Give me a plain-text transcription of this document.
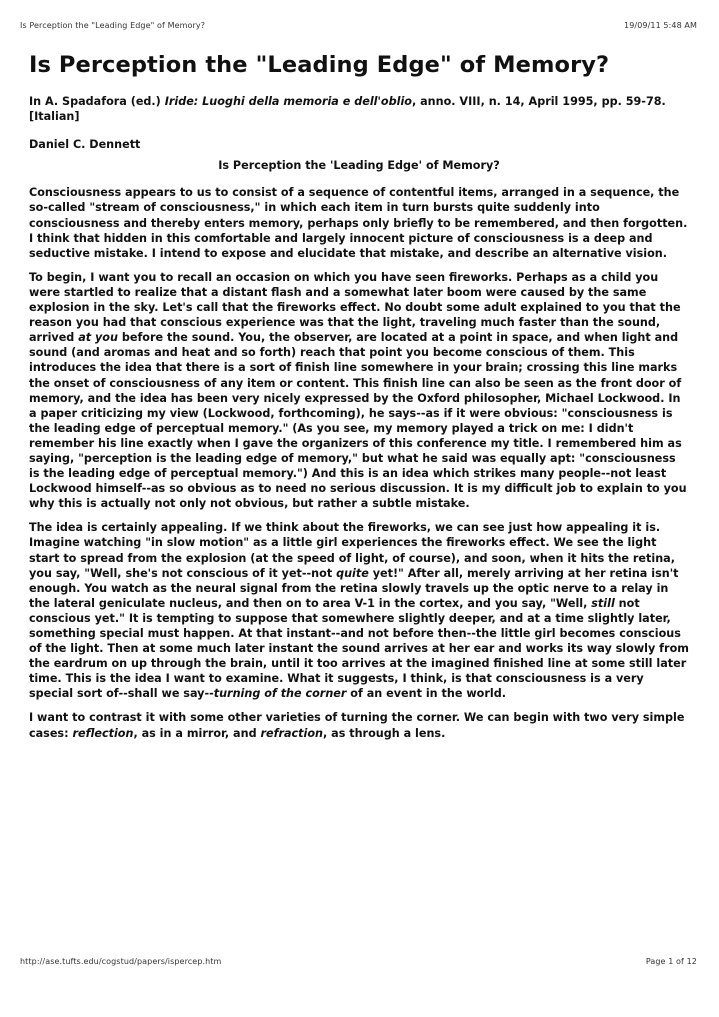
Is Perception the "Leading Edge" of Memory?	19/09/11 5:48 AM
Is Perception the "Leading Edge" of Memory?

In A. Spadafora (ed.) Iride: Luoghi della memoria e dell'oblio, anno. VIII, n. 14, April 1995, pp. 59-78. [Italian]

Daniel C. Dennett

Is Perception the 'Leading Edge' of Memory?

Consciousness appears to us to consist of a sequence of contentful items, arranged in a sequence, the so-called "stream of consciousness," in which each item in turn bursts quite suddenly into consciousness and thereby enters memory, perhaps only briefly to be remembered, and then forgotten. I think that hidden in this comfortable and largely innocent picture of consciousness is a deep and seductive mistake. I intend to expose and elucidate that mistake, and describe an alternative vision.

To begin, I want you to recall an occasion on which you have seen fireworks. Perhaps as a child you were startled to realize that a distant flash and a somewhat later boom were caused by the same explosion in the sky. Let's call that the fireworks effect. No doubt some adult explained to you that the reason you had that conscious experience was that the light, traveling much faster than the sound, arrived at you before the sound. You, the observer, are located at a point in space, and when light and sound (and aromas and heat and so forth) reach that point you become conscious of them. This introduces the idea that there is a sort of finish line somewhere in your brain; crossing this line marks the onset of consciousness of any item or content. This finish line can also be seen as the front door of memory, and the idea has been very nicely expressed by the Oxford philosopher, Michael Lockwood. In a paper criticizing my view (Lockwood, forthcoming), he says--as if it were obvious: "consciousness is the leading edge of perceptual memory." (As you see, my memory played a trick on me: I didn't remember his line exactly when I gave the organizers of this conference my title. I remembered him as saying, "perception is the leading edge of memory," but what he said was equally apt: "consciousness is the leading edge of perceptual memory.") And this is an idea which strikes many people--not least Lockwood himself--as so obvious as to need no serious discussion. It is my difficult job to explain to you why this is actually not only not obvious, but rather a subtle mistake.

The idea is certainly appealing. If we think about the fireworks, we can see just how appealing it is. Imagine watching "in slow motion" as a little girl experiences the fireworks effect. We see the light start to spread from the explosion (at the speed of light, of course), and soon, when it hits the retina, you say, "Well, she's not conscious of it yet--not quite yet!" After all, merely arriving at her retina isn't enough. You watch as the neural signal from the retina slowly travels up the optic nerve to a relay in the lateral geniculate nucleus, and then on to area V-1 in the cortex, and you say, "Well, still not conscious yet." It is tempting to suppose that somewhere slightly deeper, and at a time slightly later, something special must happen. At that instant--and not before then--the little girl becomes conscious of the light. Then at some much later instant the sound arrives at her ear and works its way slowly from the eardrum on up through the brain, until it too arrives at the imagined finished line at some still later time. This is the idea I want to examine. What it suggests, I think, is that consciousness is a very special sort of--shall we say--turning of the corner of an event in the world.

I want to contrast it with some other varieties of turning the corner. We can begin with two very simple cases: reflection, as in a mirror, and refraction, as through a lens.

http://ase.tufts.edu/cogstud/papers/ispercep.htm	Page 1 of 12
